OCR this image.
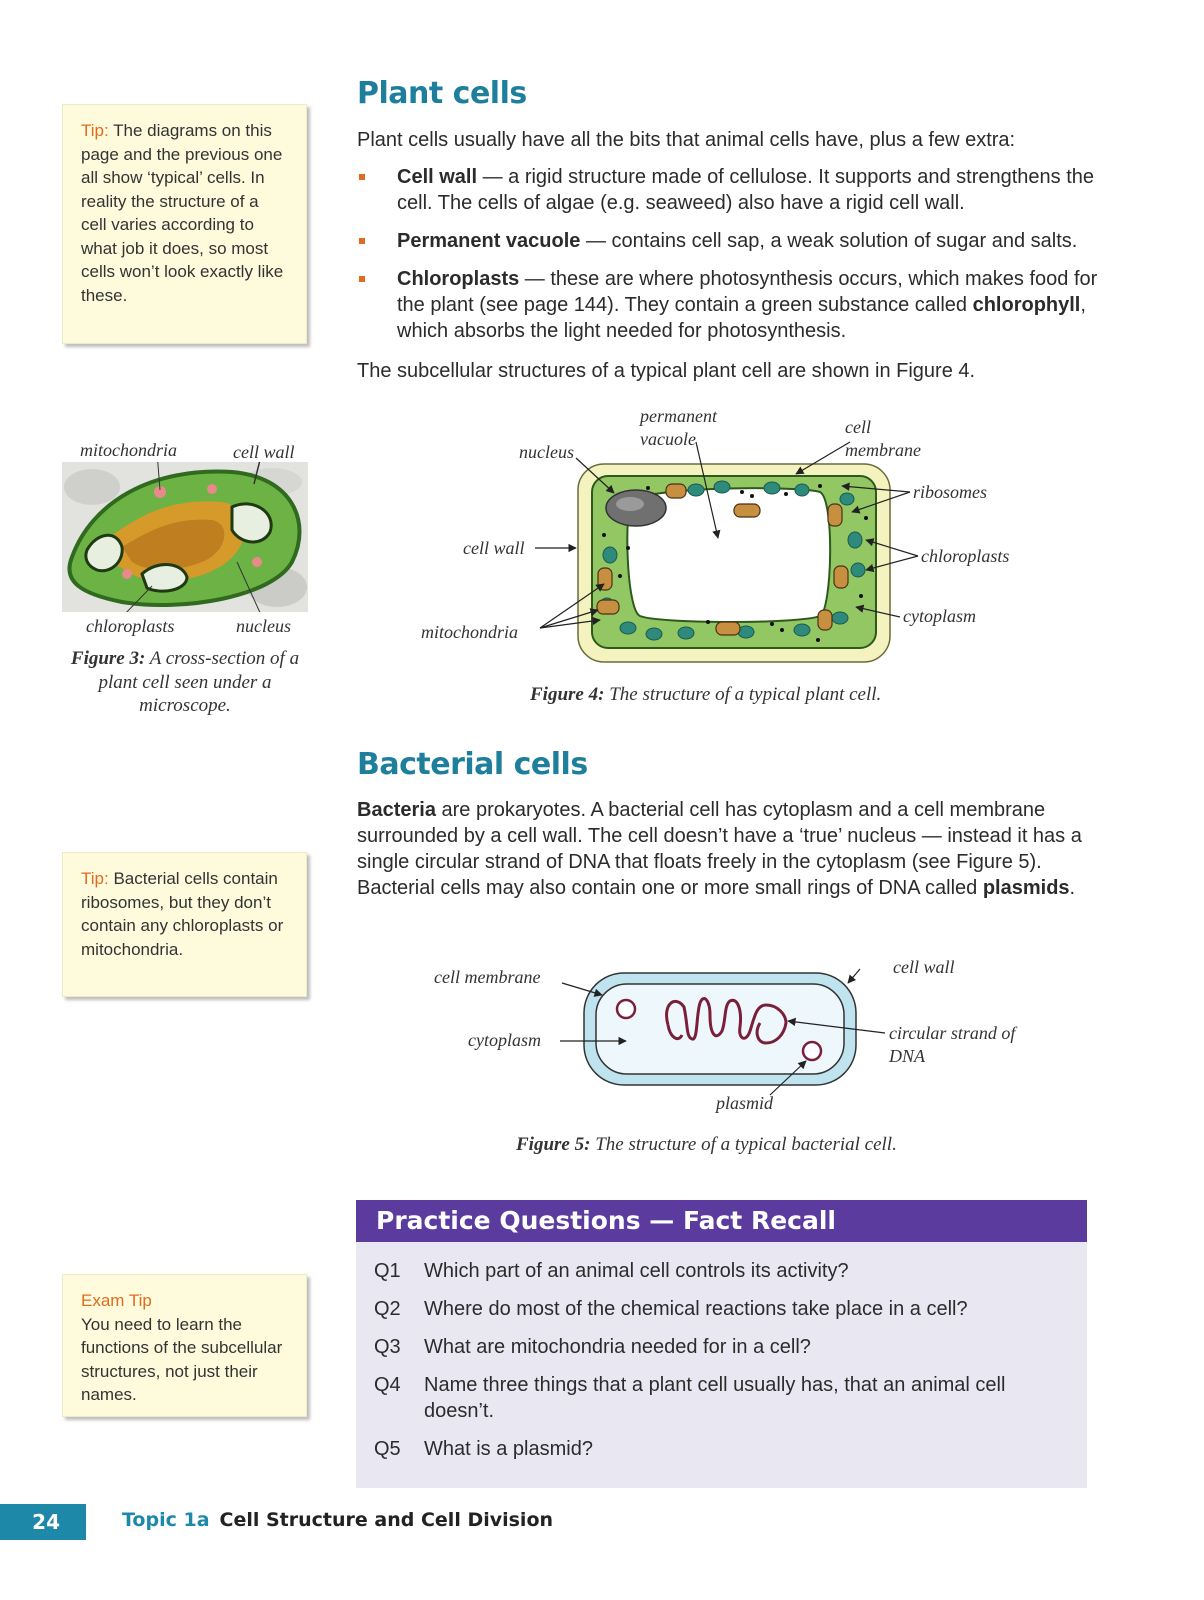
Tip: The diagrams on this page and the previous one all show ‘typical’ cells. In reality the structure of a cell varies according to what job it does, so most cells won’t look exactly like these.
Tip: Bacterial cells contain ribosomes, but they don’t contain any chloroplasts or mitochondria.
Exam Tip
You need to learn the functions of the subcellular structures, not just their names.
mitochondria	cell wall
chloroplasts	nucleus
Figure 3: A cross-section of a plant cell seen under a microscope.
Plant cells
Plant cells usually have all the bits that animal cells have, plus a few extra:
Cell wall — a rigid structure made of cellulose. It supports and strengthens the cell. The cells of algae (e.g. seaweed) also have a rigid cell wall.
Permanent vacuole — contains cell sap, a weak solution of sugar and salts.
Chloroplasts — these are where photosynthesis occurs, which makes food for the plant (see page 144). They contain a green substance called chlorophyll, which absorbs the light needed for photosynthesis.
The subcellular structures of a typical plant cell are shown in Figure 4.
permanent vacuole
cell membrane
nucleus
ribosomes
cell wall	chloroplasts
cytoplasm
mitochondria
Figure 4: The structure of a typical plant cell.
Bacterial cells
Bacteria are prokaryotes. A bacterial cell has cytoplasm and a cell membrane surrounded by a cell wall. The cell doesn’t have a ‘true’ nucleus — instead it has a single circular strand of DNA that floats freely in the cytoplasm (see Figure 5). Bacterial cells may also contain one or more small rings of DNA called plasmids.
cell membrane	cell wall
cytoplasm	circular strand of DNA
plasmid
Figure 5: The structure of a typical bacterial cell.
Practice Questions — Fact Recall
Q1	Which part of an animal cell controls its activity?
Q2	Where do most of the chemical reactions take place in a cell?
Q3	What are mitochondria needed for in a cell?
Q4	Name three things that a plant cell usually has, that an animal cell doesn’t.
Q5	What is a plasmid?
24	Topic 1a Cell Structure and Cell Division
